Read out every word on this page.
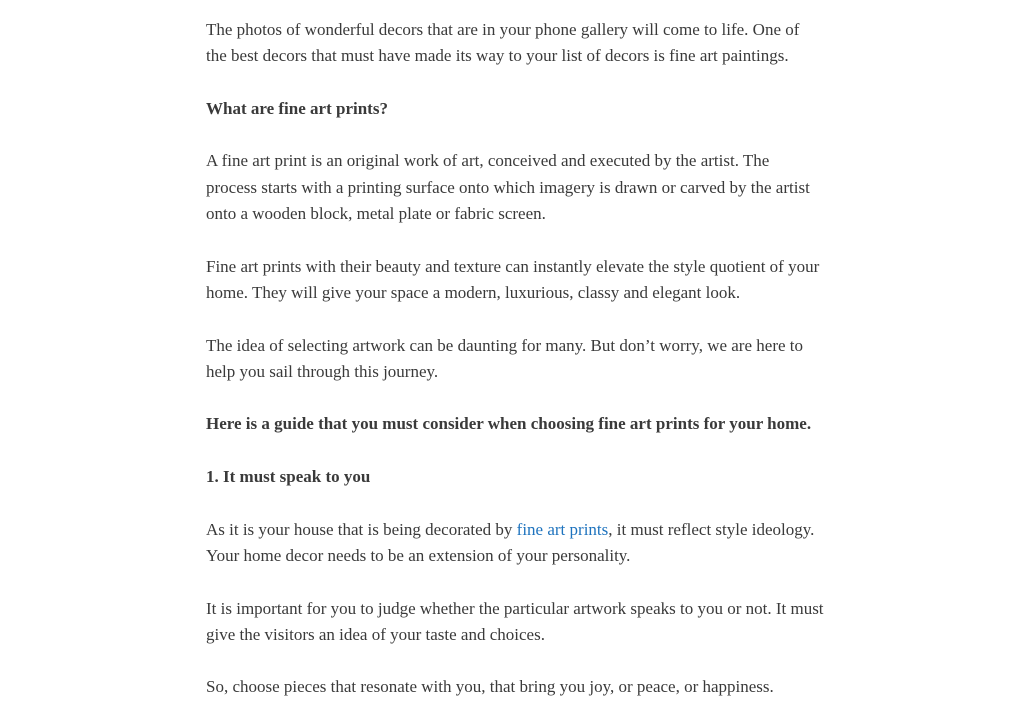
The photos of wonderful decors that are in your phone gallery will come to life. One of the best decors that must have made its way to your list of decors is fine art paintings.

What are fine art prints?

A fine art print is an original work of art, conceived and executed by the artist. The process starts with a printing surface onto which imagery is drawn or carved by the artist onto a wooden block, metal plate or fabric screen.

Fine art prints with their beauty and texture can instantly elevate the style quotient of your home. They will give your space a modern, luxurious, classy and elegant look.

The idea of selecting artwork can be daunting for many. But don’t worry, we are here to help you sail through this journey.

Here is a guide that you must consider when choosing fine art prints for your home.

1. It must speak to you

As it is your house that is being decorated by fine art prints, it must reflect style ideology. Your home decor needs to be an extension of your personality.

It is important for you to judge whether the particular artwork speaks to you or not. It must give the visitors an idea of your taste and choices.

So, choose pieces that resonate with you, that bring you joy, or peace, or happiness.
